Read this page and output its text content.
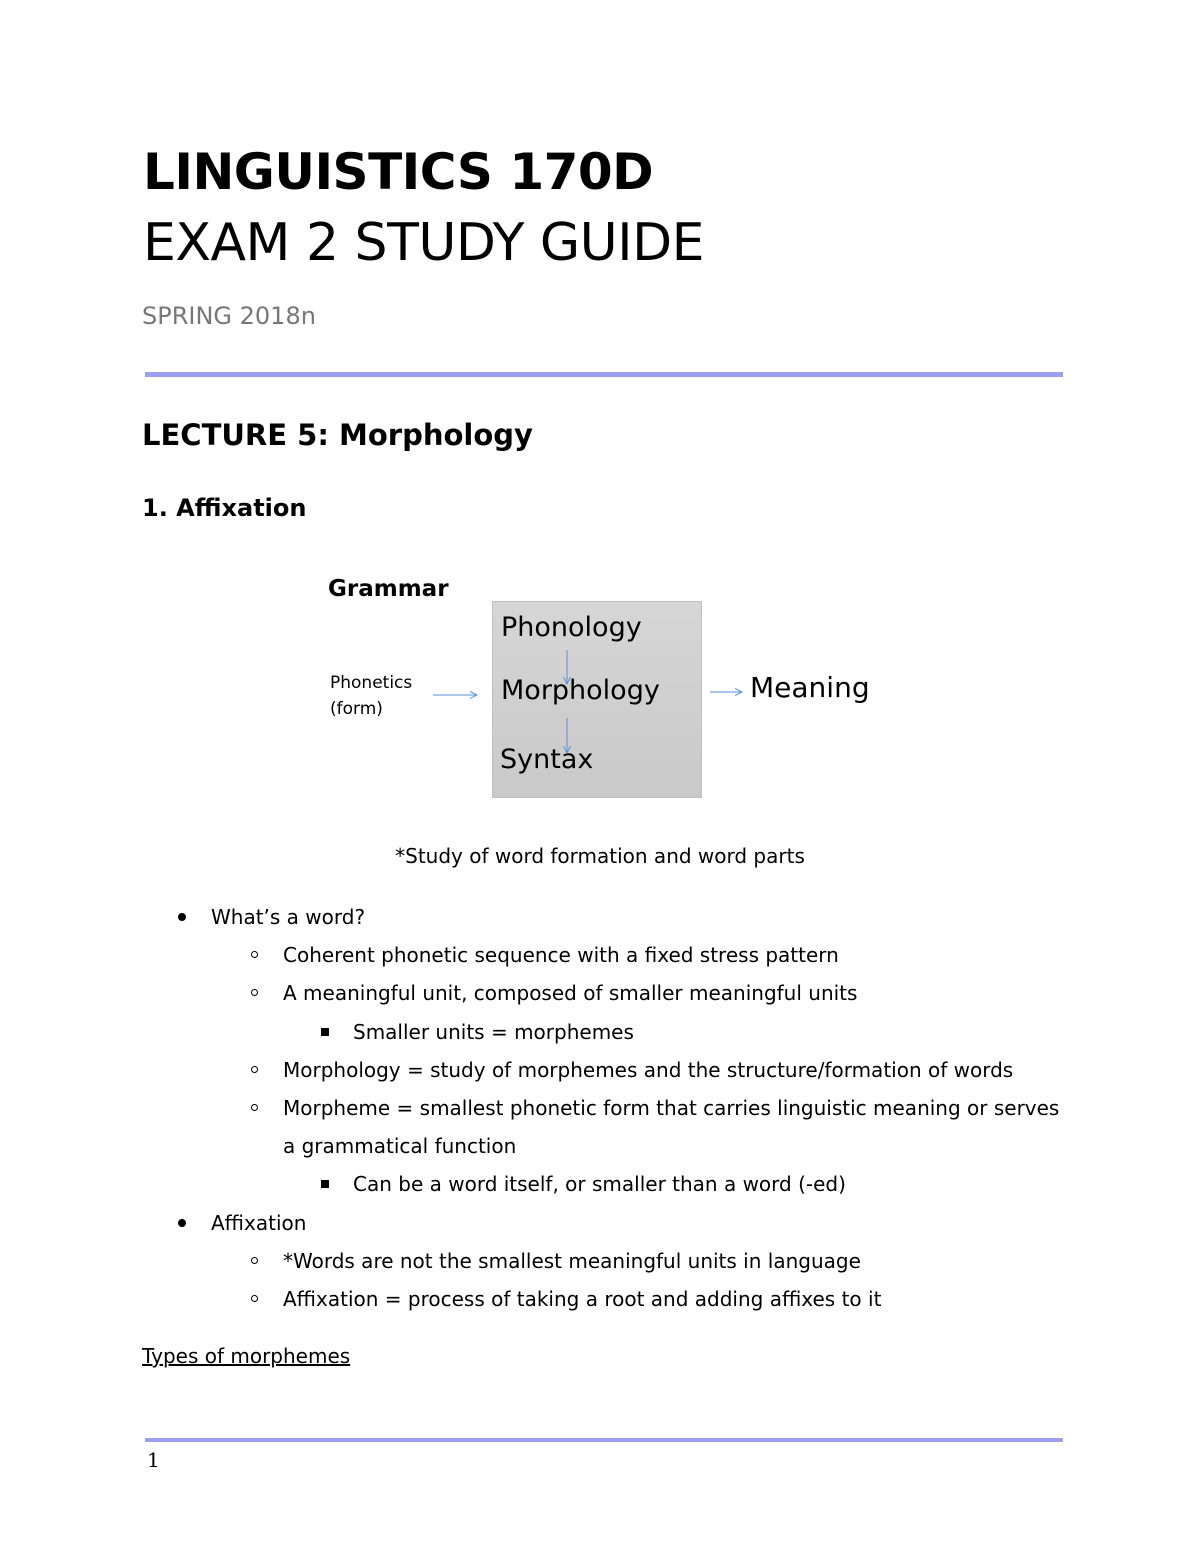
LINGUISTICS 170D
EXAM 2 STUDY GUIDE
SPRING 2018n
LECTURE 5: Morphology
1. Affixation
Grammar
Phonetics
(form)
Phonology
Morphology
Syntax
Meaning
*Study of word formation and word parts
What’s a word?
Coherent phonetic sequence with a fixed stress pattern
A meaningful unit, composed of smaller meaningful units
Smaller units = morphemes
Morphology = study of morphemes and the structure/formation of words
Morpheme = smallest phonetic form that carries linguistic meaning or serves
a grammatical function
Can be a word itself, or smaller than a word (-ed)
Affixation
*Words are not the smallest meaningful units in language
Affixation = process of taking a root and adding affixes to it
Types of morphemes
1
